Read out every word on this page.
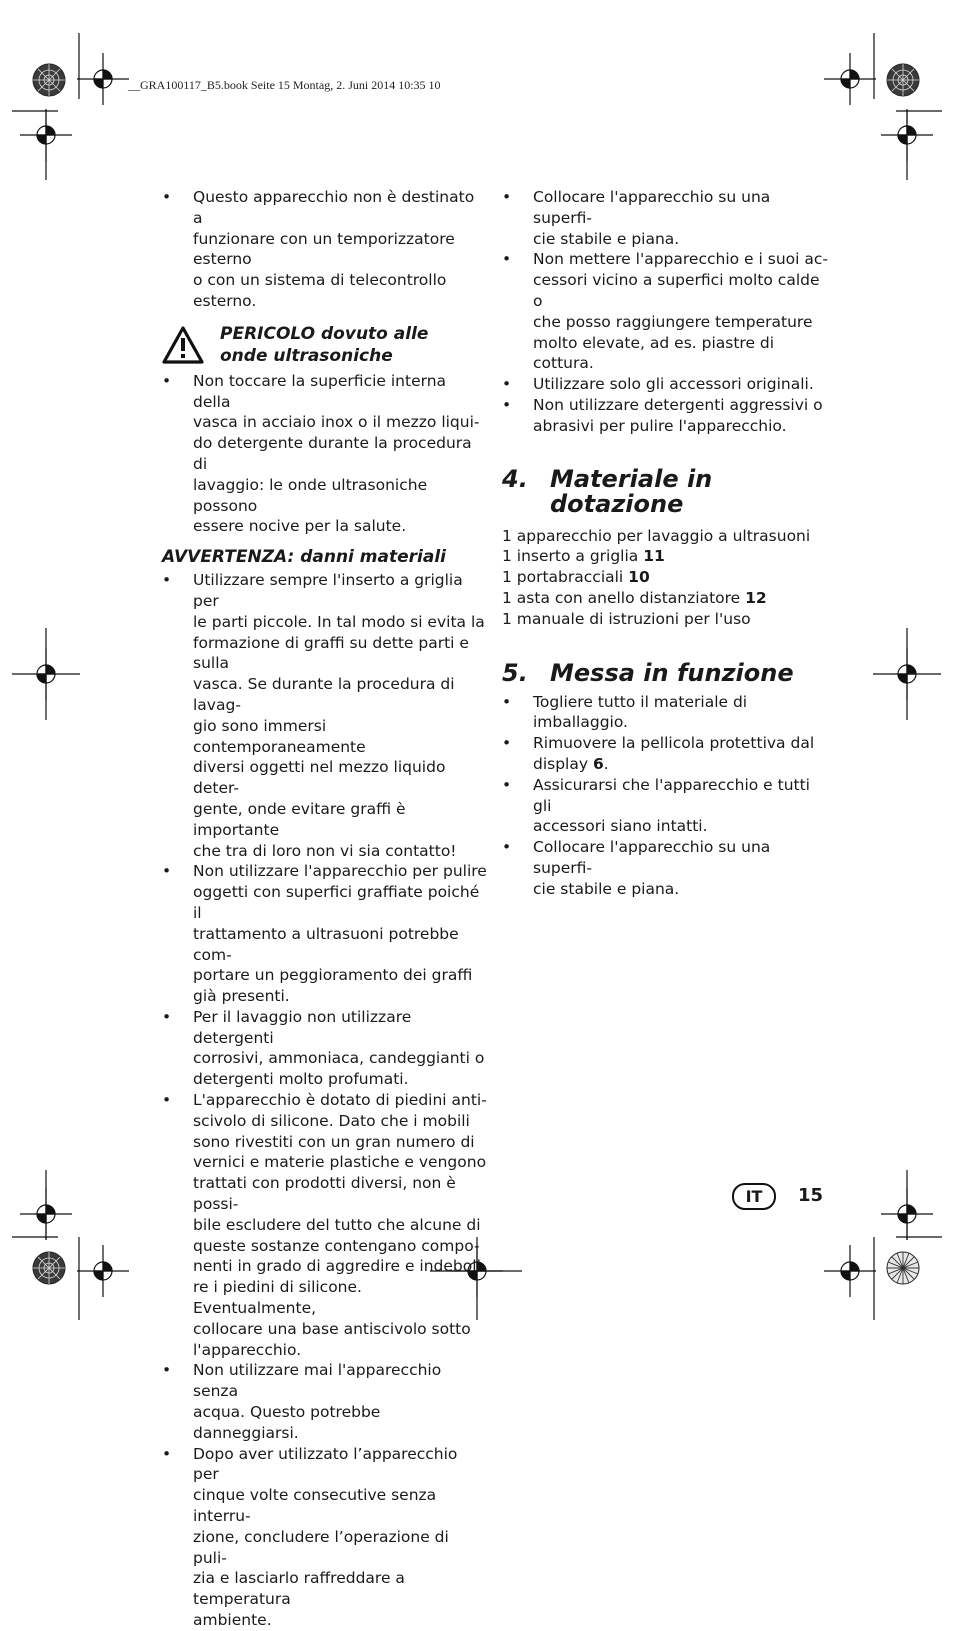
__GRA100117_B5.book Seite 15 Montag, 2. Juni 2014 10:35 10
•	Questo apparecchio non è destinato a
funzionare con un temporizzatore esterno
o con un sistema di telecontrollo esterno.
PERICOLO dovuto alle
onde ultrasoniche
•	Non toccare la superficie interna della
vasca in acciaio inox o il mezzo liqui-
do detergente durante la procedura di
lavaggio: le onde ultrasoniche possono
essere nocive per la salute.
AVVERTENZA: danni materiali
•	Utilizzare sempre l'inserto a griglia per
le parti piccole. In tal modo si evita la
formazione di graffi su dette parti e sulla
vasca. Se durante la procedura di lavag-
gio sono immersi contemporaneamente
diversi oggetti nel mezzo liquido deter-
gente, onde evitare graffi è importante
che tra di loro non vi sia contatto!
•	Non utilizzare l'apparecchio per pulire
oggetti con superfici graffiate poiché il
trattamento a ultrasuoni potrebbe com-
portare un peggioramento dei graffi
già presenti.
•	Per il lavaggio non utilizzare detergenti
corrosivi, ammoniaca, candeggianti o
detergenti molto profumati.
•	L'apparecchio è dotato di piedini anti-
scivolo di silicone. Dato che i mobili
sono rivestiti con un gran numero di
vernici e materie plastiche e vengono
trattati con prodotti diversi, non è possi-
bile escludere del tutto che alcune di
queste sostanze contengano compo-
nenti in grado di aggredire e indeboli-
re i piedini di silicone. Eventualmente,
collocare una base antiscivolo sotto
l'apparecchio.
•	Non utilizzare mai l'apparecchio senza
acqua. Questo potrebbe danneggiarsi.
•	Dopo aver utilizzato l’apparecchio per
cinque volte consecutive senza interru-
zione, concludere l’operazione di puli-
zia e lasciarlo raffreddare a temperatura
ambiente.
•	Collocare l'apparecchio su una superfi-
cie stabile e piana.
•	Non mettere l'apparecchio e i suoi ac-
cessori vicino a superfici molto calde o
che posso raggiungere temperature
molto elevate, ad es. piastre di cottura.
•	Utilizzare solo gli accessori originali.
•	Non utilizzare detergenti aggressivi o
abrasivi per pulire l'apparecchio.
4. Materiale in
dotazione
1 apparecchio per lavaggio a ultrasuoni
1 inserto a griglia 11
1 portabracciali 10
1 asta con anello distanziatore 12
1 manuale di istruzioni per l'uso
5. Messa in funzione
•	Togliere tutto il materiale di imballaggio.
•	Rimuovere la pellicola protettiva dal
display 6.
•	Assicurarsi che l'apparecchio e tutti gli
accessori siano intatti.
•	Collocare l'apparecchio su una superfi-
cie stabile e piana.
IT	15
